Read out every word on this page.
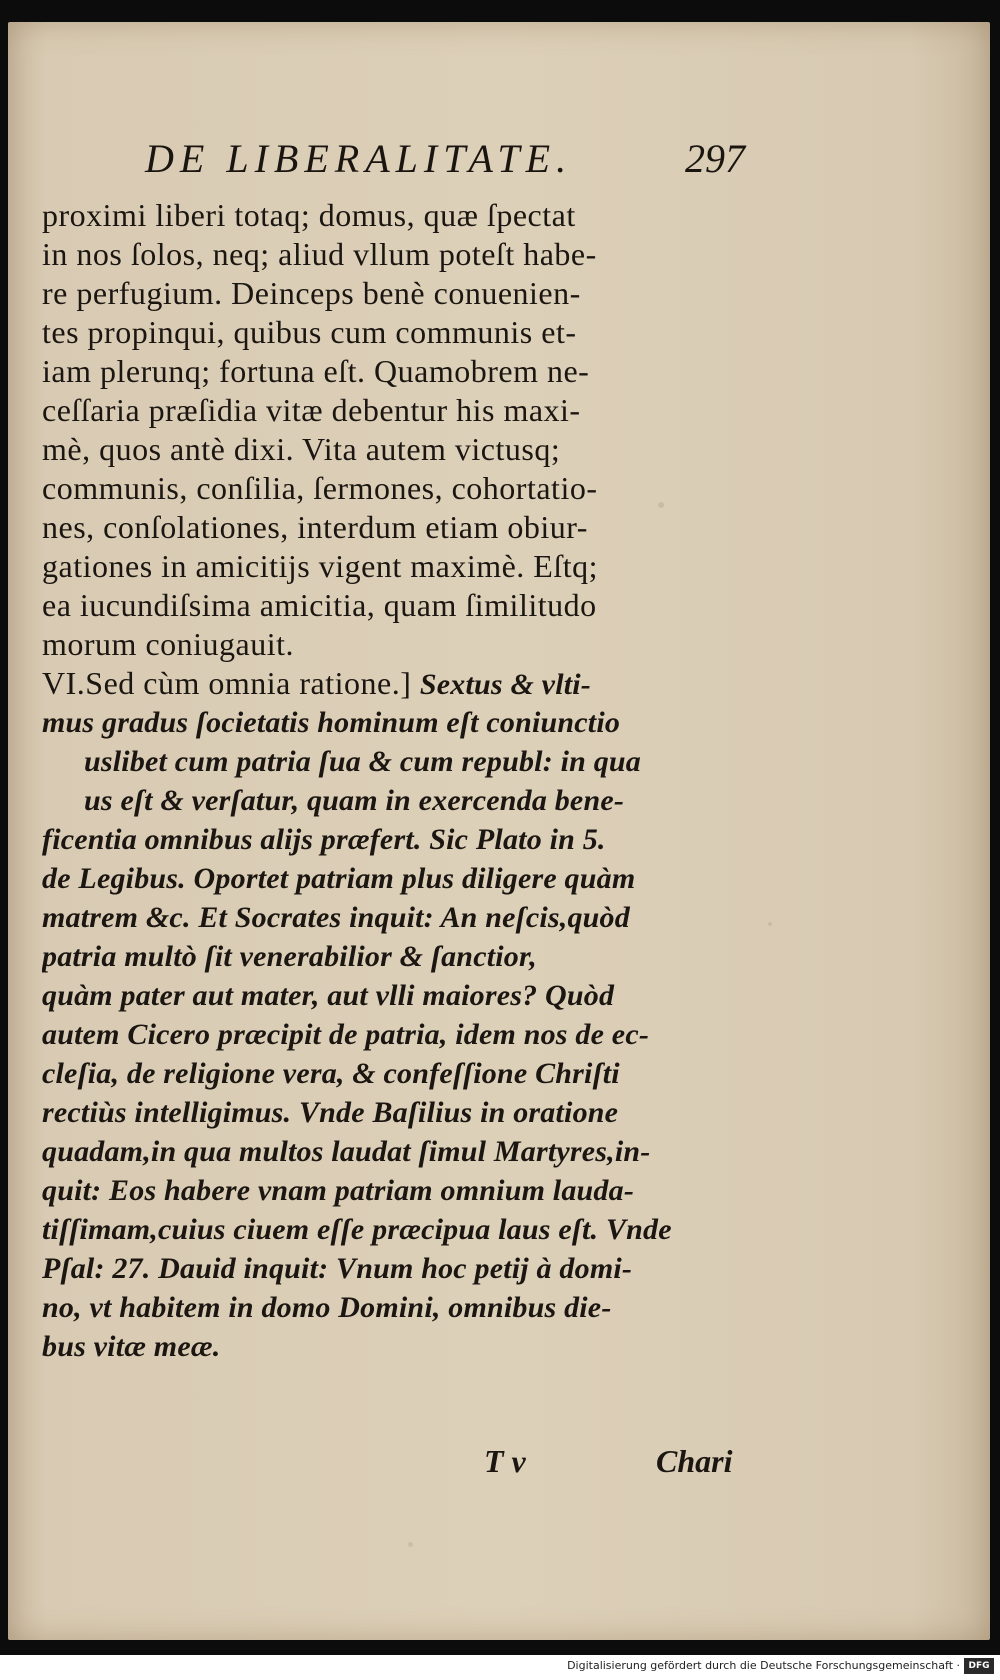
DE LIBERALITATE.	297
proximi liberi totaq; domus, quæ ſpectat
in nos ſolos, neq; aliud vllum poteſt habe-
re perfugium. Deinceps benè conuenien-
tes propinqui, quibus cum communis et-
iam plerunq; fortuna eſt. Quamobrem ne-
ceſſaria præſidia vitæ debentur his maxi-
mè, quos antè dixi. Vita autem victusq;
communis, conſilia, ſermones, cohortatio-
nes, conſolationes, interdum etiam obiur-
gationes in amicitijs vigent maximè. Eſtq;
ea iucundiſsima amicitia, quam ſimilitudo
morum coniugauit.
VI.Sed cùm omnia ratione.] Sextus & vlti-
mus gradus ſocietatis hominum eſt coniunctio
uslibet cum patria ſua & cum republ: in qua
us eſt & verſatur, quam in exercenda bene-
ficentia omnibus alijs præfert. Sic Plato in 5.
de Legibus. Oportet patriam plus diligere quàm
matrem &c. Et Socrates inquit: An neſcis,quòd
patria multò ſit venerabilior & ſanctior,
quàm pater aut mater, aut vlli maiores? Quòd
autem Cicero præcipit de patria, idem nos de ec-
cleſia, de religione vera, & confeſſione Chriſti
rectiùs intelligimus. Vnde Baſilius in oratione
quadam,in qua multos laudat ſimul Martyres,in-
quit: Eos habere vnam patriam omnium lauda-
tiſſimam,cuius ciuem eſſe præcipua laus eſt. Vnde
Pſal: 27. Dauid inquit: Vnum hoc petij à domi-
no, vt habitem in domo Domini, omnibus die-
bus vitæ meæ.
T v	Chari
Digitalisierung gefördert durch die Deutsche Forschungsgemeinschaft · DFG
